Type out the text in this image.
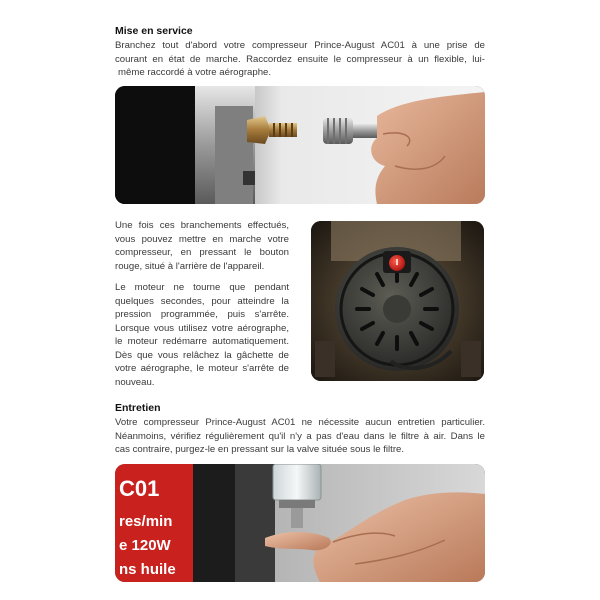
Mise en service
Branchez tout d'abord votre compresseur Prince-August AC01 à une prise de
courant en état de marche. Raccordez ensuite le compresseur à un flexible, lui-
même raccordé à votre aérographe.
Une fois ces branchements effectués,
vous pouvez mettre en marche votre
compresseur, en pressant le bouton
rouge, situé à l'arrière de l'appareil.
Le moteur ne tourne que pendant
quelques secondes, pour atteindre la
pression programmée, puis s'arrête.
Lorsque vous utilisez votre aérographe,
le moteur redémarre automatiquement.
Dès que vous relâchez la gâchette de
votre aérographe, le moteur s'arrête de
nouveau.
Entretien
Votre compresseur Prince-August AC01 ne nécessite aucun entretien particulier.
Néanmoins, vérifiez régulièrement qu'il n'y a pas d'eau dans le filtre à air. Dans le
cas contraire, purgez-le en pressant sur la valve située sous le filtre.
C01
res/min
e 120W
ns huile
